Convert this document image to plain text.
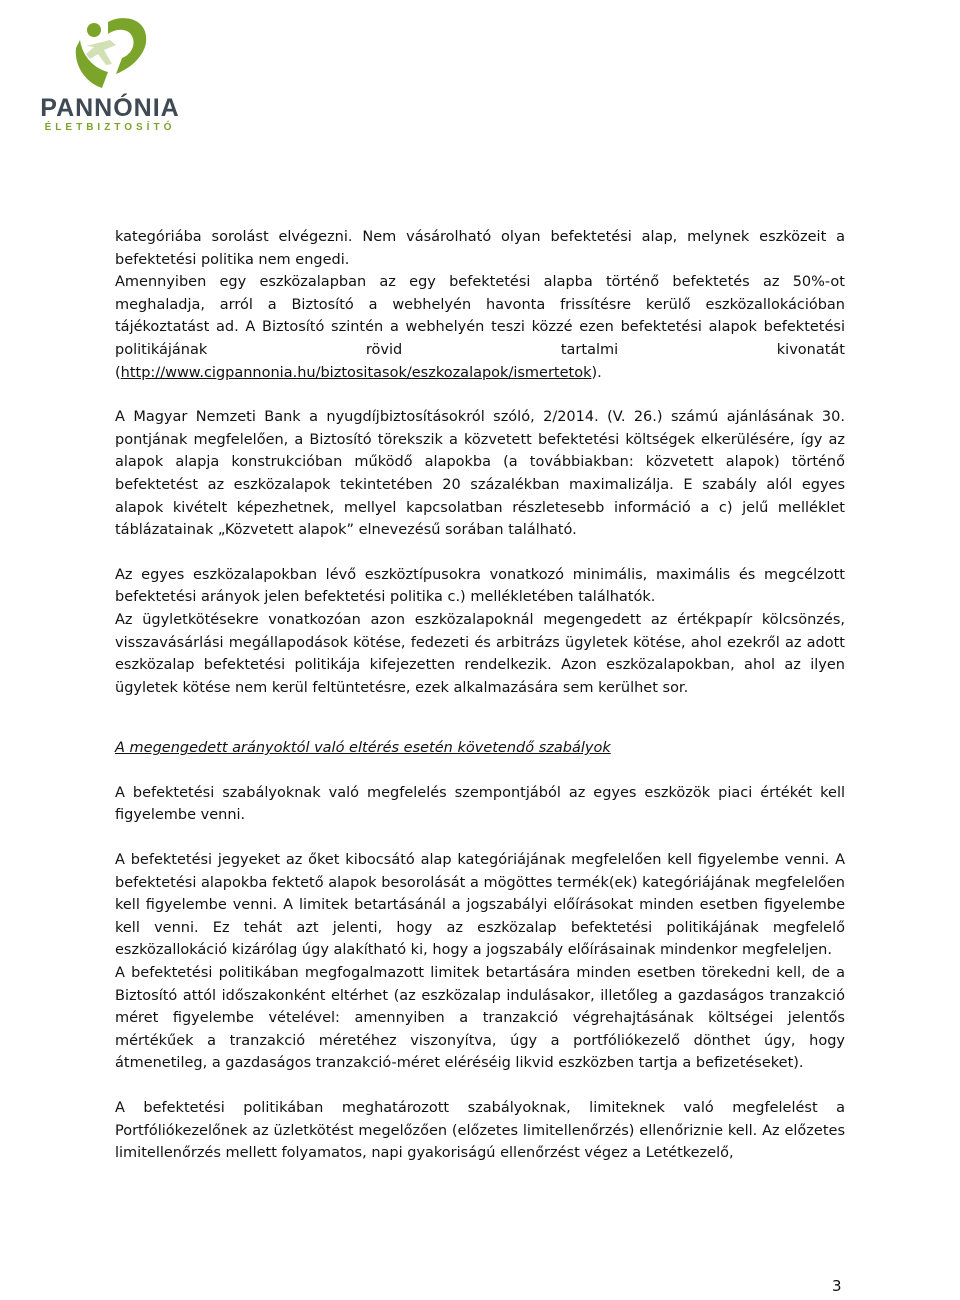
PANNÓNIA
ÉLETBIZTOSÍTÓ

kategóriába sorolást elvégezni. Nem vásárolható olyan befektetési alap, melynek eszközeit a befektetési politika nem engedi.

Amennyiben egy eszközalapban az egy befektetési alapba történő befektetés az 50%-ot meghaladja, arról a Biztosító a webhelyén havonta frissítésre kerülő eszközallokációban tájékoztatást ad. A Biztosító szintén a webhelyén teszi közzé ezen befektetési alapok befektetési politikájának rövid tartalmi kivonatát (http://www.cigpannonia.hu/biztositasok/eszkozalapok/ismertetok).

A Magyar Nemzeti Bank a nyugdíjbiztosításokról szóló, 2/2014. (V. 26.) számú ajánlásának 30. pontjának megfelelően, a Biztosító törekszik a közvetett befektetési költségek elkerülésére, így az alapok alapja konstrukcióban működő alapokba (a továbbiakban: közvetett alapok) történő befektetést az eszközalapok tekintetében 20 százalékban maximalizálja. E szabály alól egyes alapok kivételt képezhetnek, mellyel kapcsolatban részletesebb információ a c) jelű melléklet táblázatainak „Közvetett alapok” elnevezésű sorában található.

Az egyes eszközalapokban lévő eszköztípusokra vonatkozó minimális, maximális és megcélzott befektetési arányok jelen befektetési politika c.) mellékletében találhatók.

Az ügyletkötésekre vonatkozóan azon eszközalapoknál megengedett az értékpapír kölcsönzés, visszavásárlási megállapodások kötése, fedezeti és arbitrázs ügyletek kötése, ahol ezekről az adott eszközalap befektetési politikája kifejezetten rendelkezik. Azon eszközalapokban, ahol az ilyen ügyletek kötése nem kerül feltüntetésre, ezek alkalmazására sem kerülhet sor.

A megengedett arányoktól való eltérés esetén követendő szabályok

A befektetési szabályoknak való megfelelés szempontjából az egyes eszközök piaci értékét kell figyelembe venni.

A befektetési jegyeket az őket kibocsátó alap kategóriájának megfelelően kell figyelembe venni. A befektetési alapokba fektető alapok besorolását a mögöttes termék(ek) kategóriájának megfelelően kell figyelembe venni. A limitek betartásánál a jogszabályi előírásokat minden esetben figyelembe kell venni. Ez tehát azt jelenti, hogy az eszközalap befektetési politikájának megfelelő eszközallokáció kizárólag úgy alakítható ki, hogy a jogszabály előírásainak mindenkor megfeleljen.

A befektetési politikában megfogalmazott limitek betartására minden esetben törekedni kell, de a Biztosító attól időszakonként eltérhet (az eszközalap indulásakor, illetőleg a gazdaságos tranzakció méret figyelembe vételével: amennyiben a tranzakció végrehajtásának költségei jelentős mértékűek a tranzakció méretéhez viszonyítva, úgy a portfóliókezelő dönthet úgy, hogy átmenetileg, a gazdaságos tranzakció-méret eléréséig likvid eszközben tartja a befizetéseket).

A befektetési politikában meghatározott szabályoknak, limiteknek való megfelelést a Portfóliókezelőnek az üzletkötést megelőzően (előzetes limitellenőrzés) ellenőriznie kell. Az előzetes limitellenőrzés mellett folyamatos, napi gyakoriságú ellenőrzést végez a Letétkezelő,

3
